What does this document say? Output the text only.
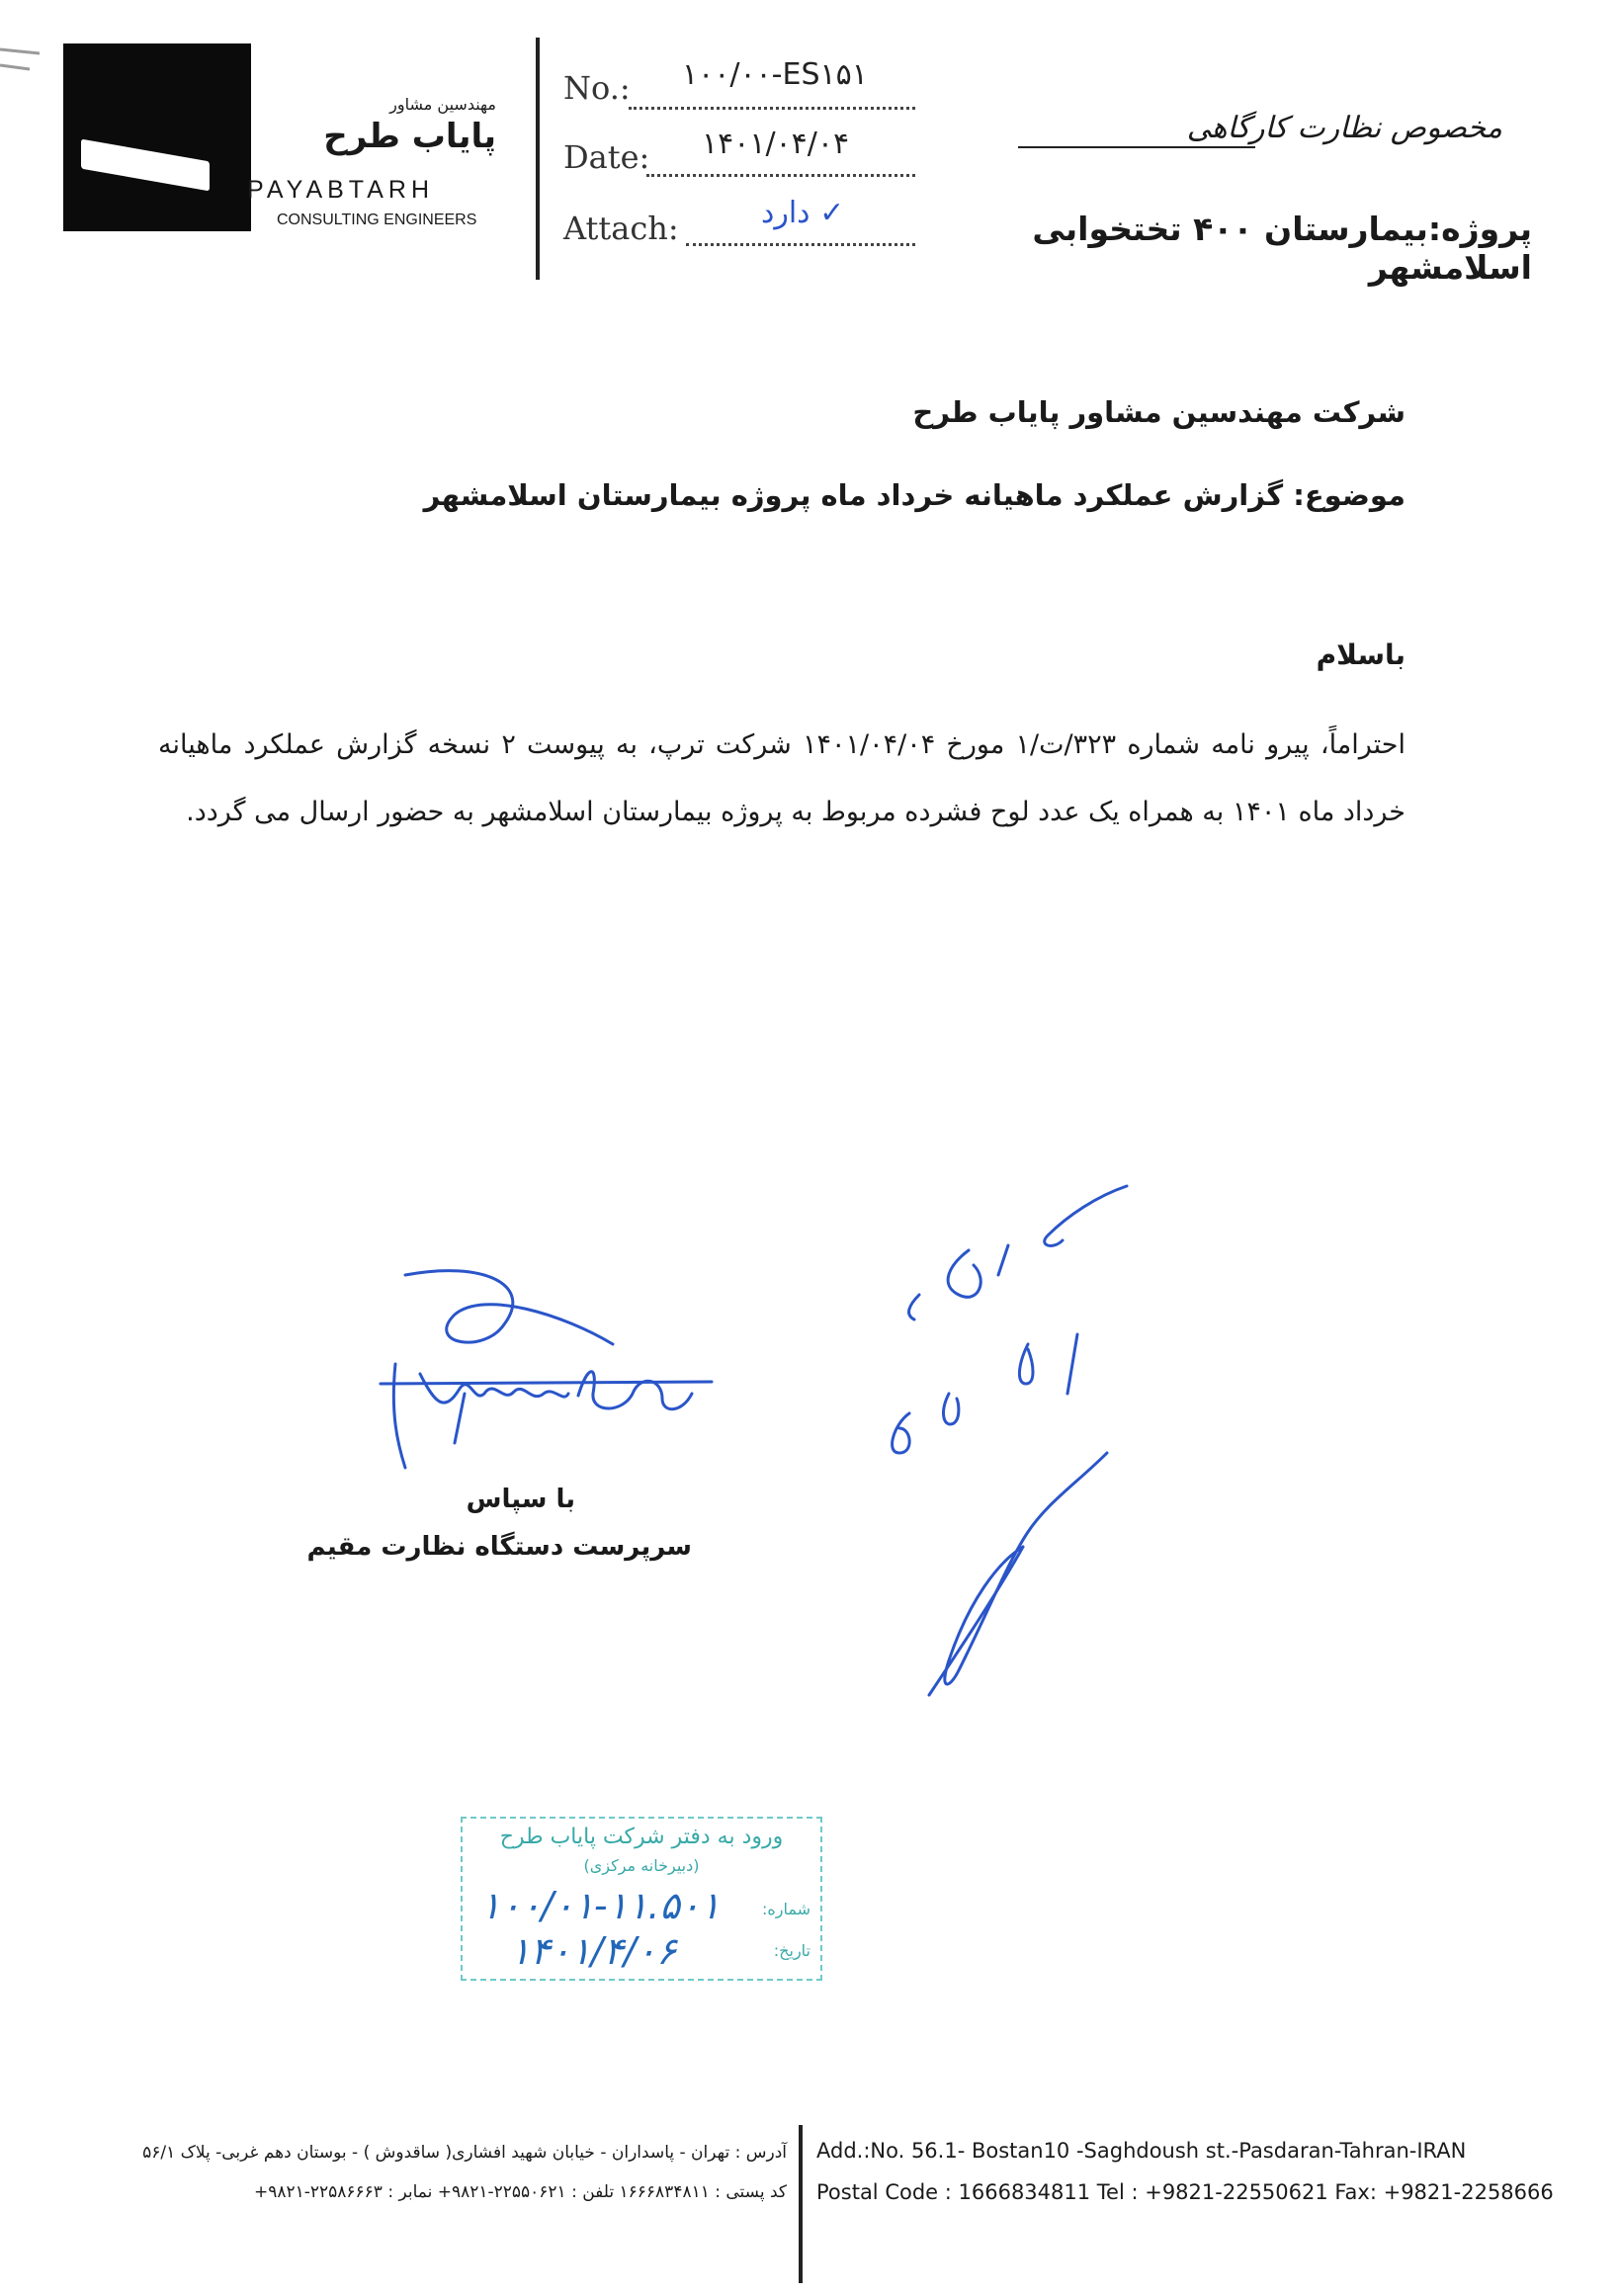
مهندسین مشاور
پایاب طرح
PAYABTARH
CONSULTING ENGINEERS
No.: ۱۰۰/۰۰-ES۱۵۱
Date: ۱۴۰۱/۰۴/۰۴
Attach:	دارد ✓
مخصوص نظارت کارگاهی
پروژه:بیمارستان ۴۰۰ تختخوابی اسلامشهر
شرکت مهندسین مشاور پایاب طرح
موضوع: گزارش عملکرد ماهیانه خرداد ماه پروژه بیمارستان اسلامشهر
باسلام
احتراماً، پیرو نامه شماره ۳۲۳/ت/۱ مورخ ۱۴۰۱/۰۴/۰۴ شرکت ترپ، به پیوست ۲ نسخه گزارش عملکرد ماهیانه خرداد ماه ۱۴۰۱ به همراه یک عدد لوح فشرده مربوط به پروژه بیمارستان اسلامشهر به حضور ارسال می گردد.
با سپاس
سرپرست دستگاه نظارت مقیم
ورود به دفتر شرکت پایاب طرح
(دبیرخانه مرکزی)
شماره:
تاریخ:
۱۰۰/۰۱-۱۱.۵۰۱
۱۴۰۱/۴/۰۶
آدرس : تهران - پاسداران - خیابان شهید افشاری( ساقدوش ) - بوستان دهم غربی- پلاک ۵۶/۱
کد پستی : ۱۶۶۶۸۳۴۸۱۱ تلفن : ۲۲۵۵۰۶۲۱-۹۸۲۱+ نمابر : ۲۲۵۸۶۶۶۳-۹۸۲۱+
Add.:No. 56.1- Bostan10 -Saghdoush st.-Pasdaran-Tahran-IRAN
Postal Code : 1666834811 Tel : +9821-22550621 Fax: +9821-2258666
